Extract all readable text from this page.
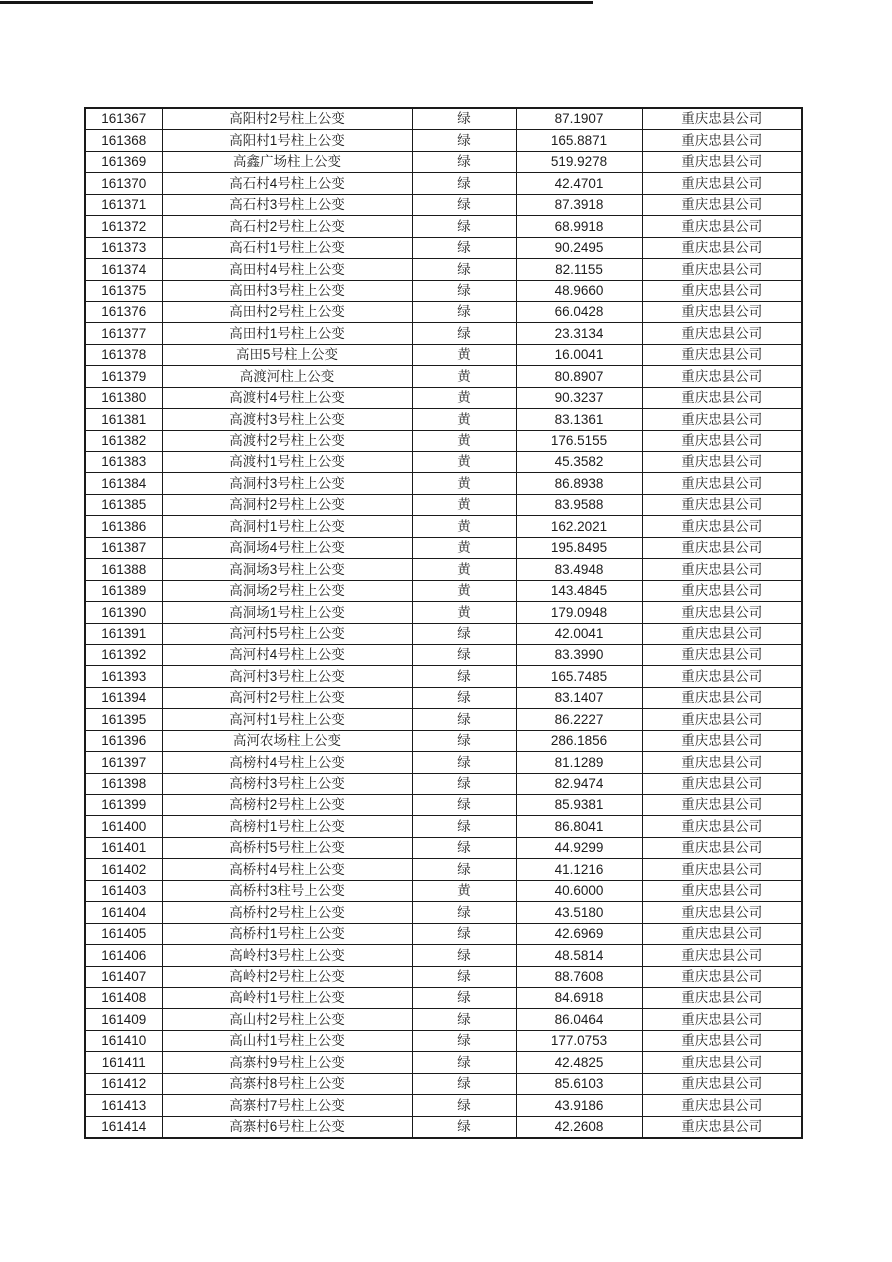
161367	高阳村2号柱上公变	绿	87.1907	重庆忠县公司
161368	高阳村1号柱上公变	绿	165.8871	重庆忠县公司
161369	高鑫广场柱上公变	绿	519.9278	重庆忠县公司
161370	高石村4号柱上公变	绿	42.4701	重庆忠县公司
161371	高石村3号柱上公变	绿	87.3918	重庆忠县公司
161372	高石村2号柱上公变	绿	68.9918	重庆忠县公司
161373	高石村1号柱上公变	绿	90.2495	重庆忠县公司
161374	高田村4号柱上公变	绿	82.1155	重庆忠县公司
161375	高田村3号柱上公变	绿	48.9660	重庆忠县公司
161376	高田村2号柱上公变	绿	66.0428	重庆忠县公司
161377	高田村1号柱上公变	绿	23.3134	重庆忠县公司
161378	高田5号柱上公变	黄	16.0041	重庆忠县公司
161379	高渡河柱上公变	黄	80.8907	重庆忠县公司
161380	高渡村4号柱上公变	黄	90.3237	重庆忠县公司
161381	高渡村3号柱上公变	黄	83.1361	重庆忠县公司
161382	高渡村2号柱上公变	黄	176.5155	重庆忠县公司
161383	高渡村1号柱上公变	黄	45.3582	重庆忠县公司
161384	高洞村3号柱上公变	黄	86.8938	重庆忠县公司
161385	高洞村2号柱上公变	黄	83.9588	重庆忠县公司
161386	高洞村1号柱上公变	黄	162.2021	重庆忠县公司
161387	高洞场4号柱上公变	黄	195.8495	重庆忠县公司
161388	高洞场3号柱上公变	黄	83.4948	重庆忠县公司
161389	高洞场2号柱上公变	黄	143.4845	重庆忠县公司
161390	高洞场1号柱上公变	黄	179.0948	重庆忠县公司
161391	高河村5号柱上公变	绿	42.0041	重庆忠县公司
161392	高河村4号柱上公变	绿	83.3990	重庆忠县公司
161393	高河村3号柱上公变	绿	165.7485	重庆忠县公司
161394	高河村2号柱上公变	绿	83.1407	重庆忠县公司
161395	高河村1号柱上公变	绿	86.2227	重庆忠县公司
161396	高河农场柱上公变	绿	286.1856	重庆忠县公司
161397	高榜村4号柱上公变	绿	81.1289	重庆忠县公司
161398	高榜村3号柱上公变	绿	82.9474	重庆忠县公司
161399	高榜村2号柱上公变	绿	85.9381	重庆忠县公司
161400	高榜村1号柱上公变	绿	86.8041	重庆忠县公司
161401	高桥村5号柱上公变	绿	44.9299	重庆忠县公司
161402	高桥村4号柱上公变	绿	41.1216	重庆忠县公司
161403	高桥村3柱号上公变	黄	40.6000	重庆忠县公司
161404	高桥村2号柱上公变	绿	43.5180	重庆忠县公司
161405	高桥村1号柱上公变	绿	42.6969	重庆忠县公司
161406	高岭村3号柱上公变	绿	48.5814	重庆忠县公司
161407	高岭村2号柱上公变	绿	88.7608	重庆忠县公司
161408	高岭村1号柱上公变	绿	84.6918	重庆忠县公司
161409	高山村2号柱上公变	绿	86.0464	重庆忠县公司
161410	高山村1号柱上公变	绿	177.0753	重庆忠县公司
161411	高寨村9号柱上公变	绿	42.4825	重庆忠县公司
161412	高寨村8号柱上公变	绿	85.6103	重庆忠县公司
161413	高寨村7号柱上公变	绿	43.9186	重庆忠县公司
161414	高寨村6号柱上公变	绿	42.2608	重庆忠县公司
